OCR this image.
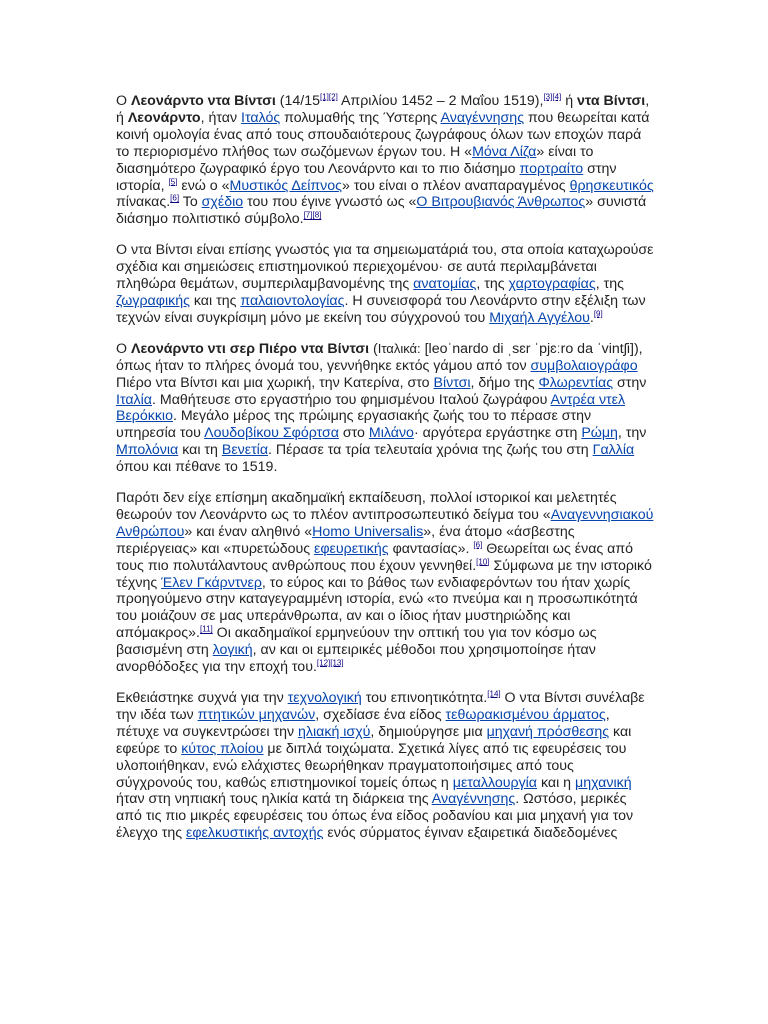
Ο Λεονάρντο ντα Βίντσι (14/15[1][2] Απριλίου 1452 – 2 Μαΐου 1519),[3][4] ή ντα Βίντσι, ή Λεονάρντο, ήταν Ιταλός πολυμαθής της Ύστερης Αναγέννησης που θεωρείται κατά κοινή ομολογία ένας από τους σπουδαιότερους ζωγράφους όλων των εποχών παρά το περιορισμένο πλήθος των σωζόμενων έργων του. Η «Μόνα Λίζα» είναι το διασημότερο ζωγραφικό έργο του Λεονάρντο και το πιο διάσημο πορτραίτο στην ιστορία, [5] ενώ ο «Μυστικός Δείπνος» του είναι ο πλέον αναπαραγμένος θρησκευτικός πίνακας.[6] Το σχέδιο του που έγινε γνωστό ως «Ο Βιτρουβιανός Άνθρωπος» συνιστά διάσημο πολιτιστικό σύμβολο.[7][8]

Ο ντα Βίντσι είναι επίσης γνωστός για τα σημειωματάριά του, στα οποία καταχωρούσε σχέδια και σημειώσεις επιστημονικού περιεχομένου· σε αυτά περιλαμβάνεται πληθώρα θεμάτων, συμπεριλαμβανομένης της ανατομίας, της χαρτογραφίας, της ζωγραφικής και της παλαιοντολογίας. Η συνεισφορά του Λεονάρντο στην εξέλιξη των τεχνών είναι συγκρίσιμη μόνο με εκείνη του σύγχρονού του Μιχαήλ Αγγέλου.[9]

Ο Λεονάρντο ντι σερ Πιέρο ντα Βίντσι (Ιταλικά: [leoˈnardo di ˌsɛr ˈpjɛːro da ˈvintʃi]), όπως ήταν το πλήρες όνομά του, γεννήθηκε εκτός γάμου από τον συμβολαιογράφο Πιέρο ντα Βίντσι και μια χωρική, την Κατερίνα, στο Βίντσι, δήμο της Φλωρεντίας στην Ιταλία. Μαθήτευσε στο εργαστήριο του φημισμένου Ιταλού ζωγράφου Αντρέα ντελ Βερόκκιο. Μεγάλο μέρος της πρώιμης εργασιακής ζωής του το πέρασε στην υπηρεσία του Λουδοβίκου Σφόρτσα στο Μιλάνο· αργότερα εργάστηκε στη Ρώμη, την Μπολόνια και τη Βενετία. Πέρασε τα τρία τελευταία χρόνια της ζωής του στη Γαλλία όπου και πέθανε το 1519.

Παρότι δεν είχε επίσημη ακαδημαϊκή εκπαίδευση, πολλοί ιστορικοί και μελετητές θεωρούν τον Λεονάρντο ως το πλέον αντιπροσωπευτικό δείγμα του «Αναγεννησιακού Ανθρώπου» και έναν αληθινό «Homo Universalis», ένα άτομο «άσβεστης περιέργειας» και «πυρετώδους εφευρετικής φαντασίας». [6] Θεωρείται ως ένας από τους πιο πολυτάλαντους ανθρώπους που έχουν γεννηθεί.[10] Σύμφωνα με την ιστορικό τέχνης Έλεν Γκάρντνερ, το εύρος και το βάθος των ενδιαφερόντων του ήταν χωρίς προηγούμενο στην καταγεγραμμένη ιστορία, ενώ «το πνεύμα και η προσωπικότητά του μοιάζουν σε μας υπεράνθρωπα, αν και ο ίδιος ήταν μυστηριώδης και απόμακρος».[11] Οι ακαδημαϊκοί ερμηνεύουν την οπτική του για τον κόσμο ως βασισμένη στη λογική, αν και οι εμπειρικές μέθοδοι που χρησιμοποίησε ήταν ανορθόδοξες για την εποχή του.[12][13]

Εκθειάστηκε συχνά για την τεχνολογική του επινοητικότητα.[14] Ο ντα Βίντσι συνέλαβε την ιδέα των πτητικών μηχανών, σχεδίασε ένα είδος τεθωρακισμένου άρματος, πέτυχε να συγκεντρώσει την ηλιακή ισχύ, δημιούργησε μια μηχανή πρόσθεσης και εφεύρε το κύτος πλοίου με διπλά τοιχώματα. Σχετικά λίγες από τις εφευρέσεις του υλοποιήθηκαν, ενώ ελάχιστες θεωρήθηκαν πραγματοποιήσιμες από τους σύγχρονούς του, καθώς επιστημονικοί τομείς όπως η μεταλλουργία και η μηχανική ήταν στη νηπιακή τους ηλικία κατά τη διάρκεια της Αναγέννησης. Ωστόσο, μερικές από τις πιο μικρές εφευρέσεις του όπως ένα είδος ροδανίου και μια μηχανή για τον έλεγχο της εφελκυστικής αντοχής ενός σύρματος έγιναν εξαιρετικά διαδεδομένες
